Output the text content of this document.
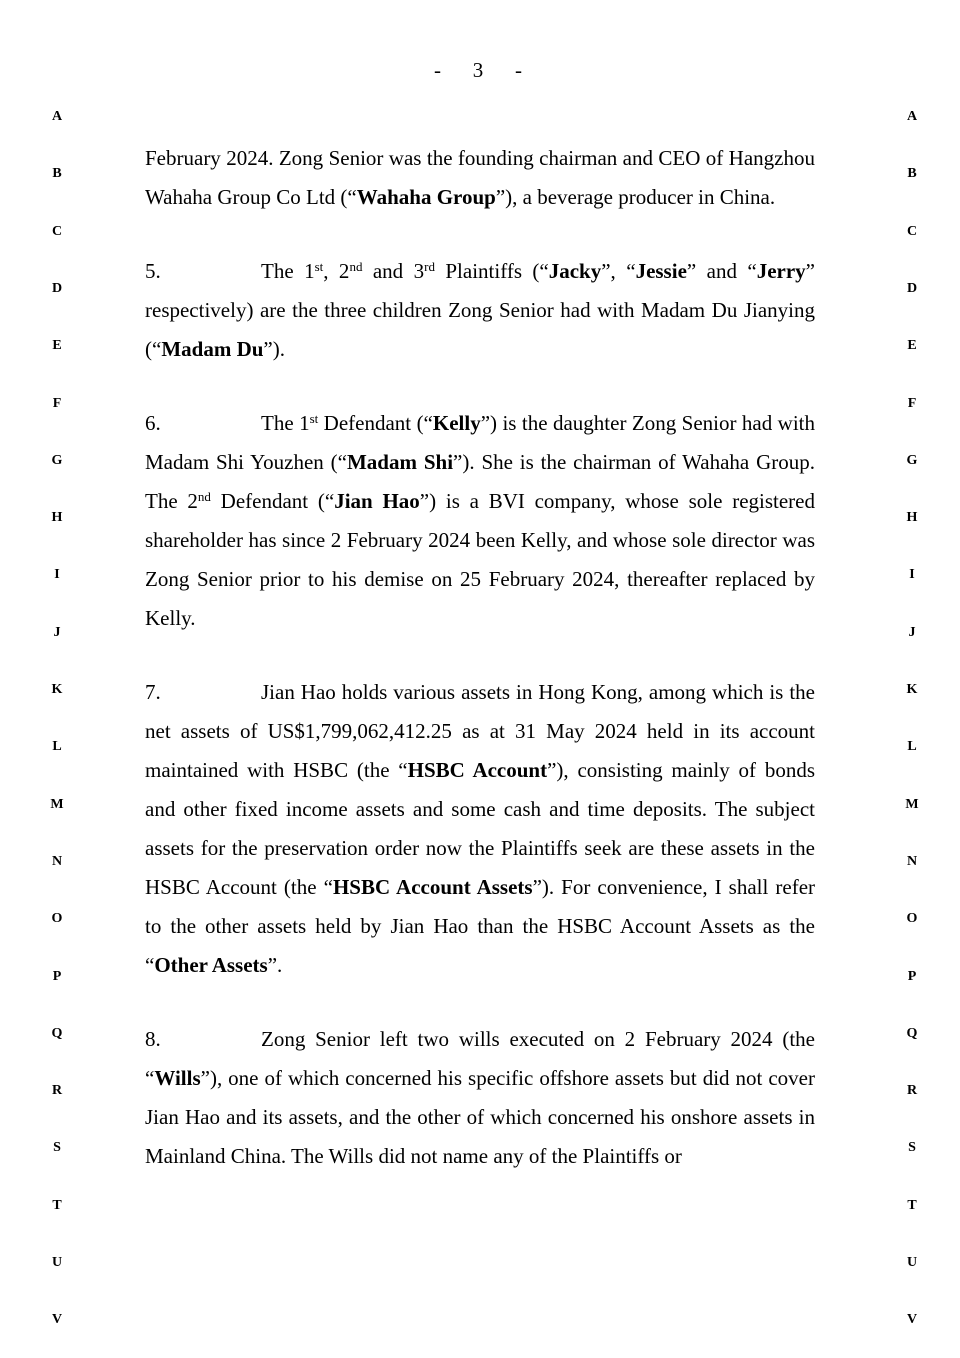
-   3   -
A
B
C
D
E
F
G
H
I
J
K
L
M
N
O
P
Q
R
S
T
U
V
A
B
C
D
E
F
G
H
I
J
K
L
M
N
O
P
Q
R
S
T
U
V

February 2024. Zong Senior was the founding chairman and CEO of Hangzhou Wahaha Group Co Ltd (“Wahaha Group”), a beverage producer in China.

5.	The 1st, 2nd and 3rd Plaintiffs (“Jacky”, “Jessie” and “Jerry” respectively) are the three children Zong Senior had with Madam Du Jianying (“Madam Du”).

6.	The 1st Defendant (“Kelly”) is the daughter Zong Senior had with Madam Shi Youzhen (“Madam Shi”). She is the chairman of Wahaha Group. The 2nd Defendant (“Jian Hao”) is a BVI company, whose sole registered shareholder has since 2 February 2024 been Kelly, and whose sole director was Zong Senior prior to his demise on 25 February 2024, thereafter replaced by Kelly.

7.	Jian Hao holds various assets in Hong Kong, among which is the net assets of US$1,799,062,412.25 as at 31 May 2024 held in its account maintained with HSBC (the “HSBC Account”), consisting mainly of bonds and other fixed income assets and some cash and time deposits. The subject assets for the preservation order now the Plaintiffs seek are these assets in the HSBC Account (the “HSBC Account Assets”). For convenience, I shall refer to the other assets held by Jian Hao than the HSBC Account Assets as the “Other Assets”.

8.	Zong Senior left two wills executed on 2 February 2024 (the “Wills”), one of which concerned his specific offshore assets but did not cover Jian Hao and its assets, and the other of which concerned his onshore assets in Mainland China. The Wills did not name any of the Plaintiffs or
